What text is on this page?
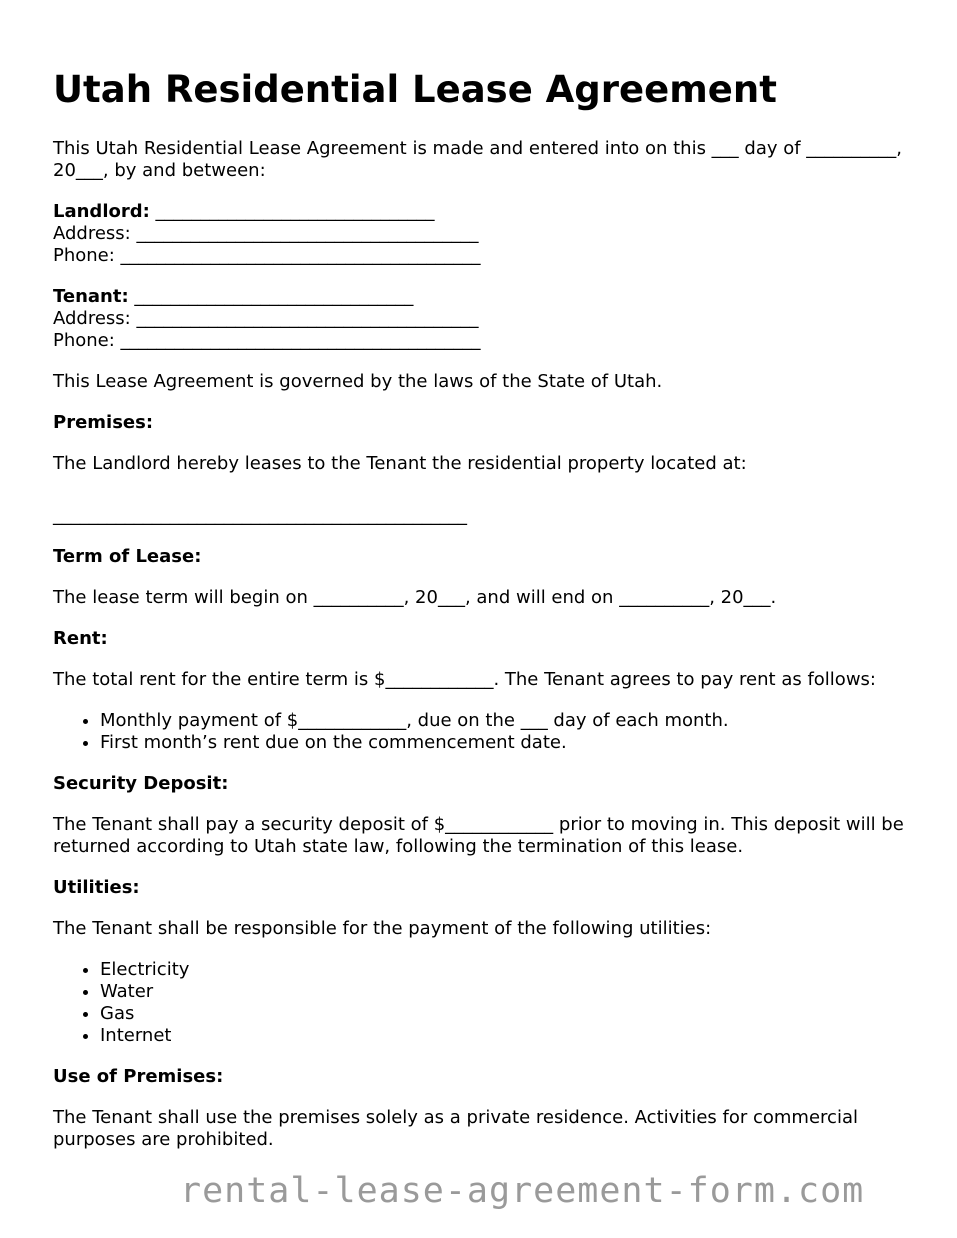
Utah Residential Lease Agreement

This Utah Residential Lease Agreement is made and entered into on this ___ day of __________, 20___, by and between:

Landlord: _______________________________
Address: ______________________________________
Phone: ________________________________________
Tenant: _______________________________
Address: ______________________________________
Phone: ________________________________________

This Lease Agreement is governed by the laws of the State of Utah.

Premises:

The Landlord hereby leases to the Tenant the residential property located at:

______________________________________________

Term of Lease:

The lease term will begin on __________, 20___, and will end on __________, 20___.

Rent:

The total rent for the entire term is $____________. The Tenant agrees to pay rent as follows:

• Monthly payment of $____________, due on the ___ day of each month.
• First month’s rent due on the commencement date.

Security Deposit:

The Tenant shall pay a security deposit of $____________ prior to moving in. This deposit will be returned according to Utah state law, following the termination of this lease.

Utilities:

The Tenant shall be responsible for the payment of the following utilities:

• Electricity
• Water
• Gas
• Internet

Use of Premises:

The Tenant shall use the premises solely as a private residence. Activities for commercial purposes are prohibited.

rental-lease-agreement-form.com
